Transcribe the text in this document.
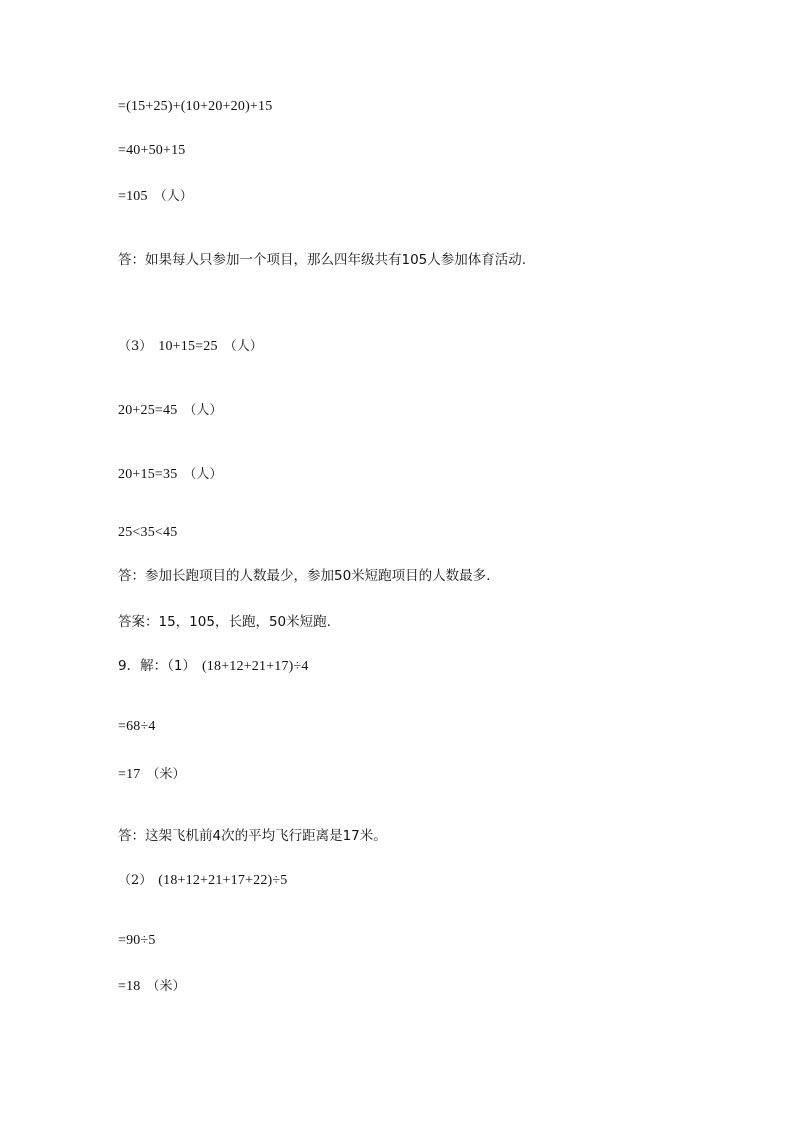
=(15+25)+(10+20+20)+15
=40+50+15
=105 （人）
答：如果每人只参加一个项目，那么四年级共有105人参加体育活动.
（3） 10+15=25 （人）
20+25=45 （人）
20+15=35 （人）
25<35<45
答：参加长跑项目的人数最少，参加50米短跑项目的人数最多.
答案：15，105，长跑，50米短跑.
9．解：（1） (18+12+21+17)÷4
=68÷4
=17 （米）
答：这架飞机前4次的平均飞行距离是17米。
（2） (18+12+21+17+22)÷5
=90÷5
=18 （米）
